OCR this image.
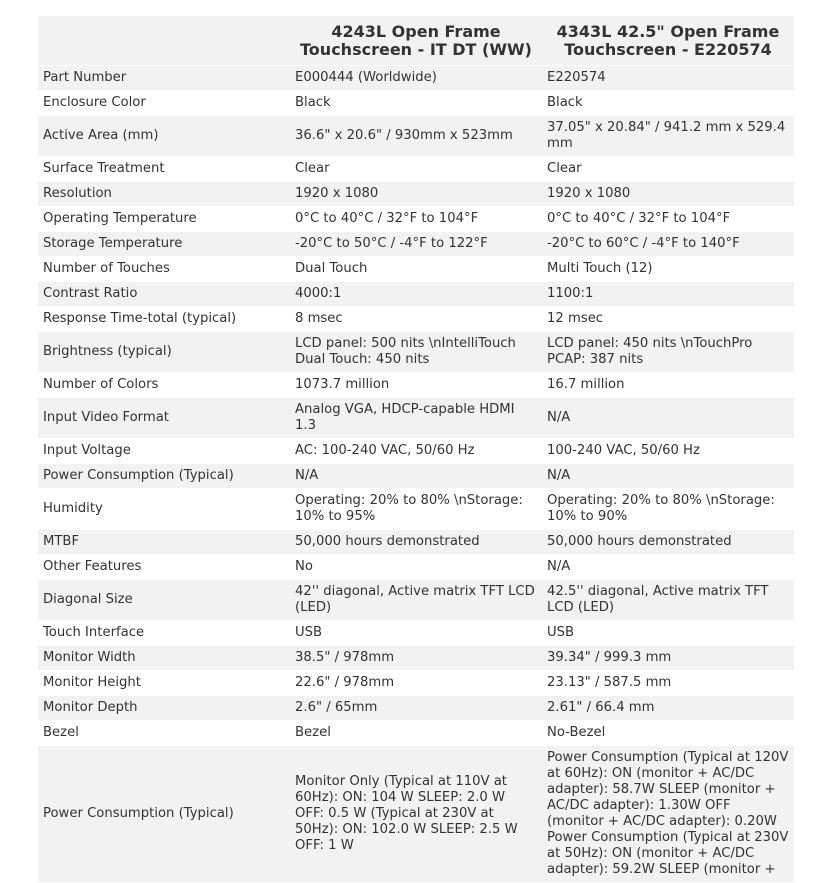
	4243L Open Frame Touchscreen - IT DT (WW)	4343L 42.5" Open Frame Touchscreen - E220574
Part Number	E000444 (Worldwide)	E220574
Enclosure Color	Black	Black
Active Area (mm)	36.6" x 20.6" / 930mm x 523mm	37.05" x 20.84" / 941.2 mm x 529.4 mm
Surface Treatment	Clear	Clear
Resolution	1920 x 1080	1920 x 1080
Operating Temperature	0°C to 40°C / 32°F to 104°F	0°C to 40°C / 32°F to 104°F
Storage Temperature	-20°C to 50°C / -4°F to 122°F	-20°C to 60°C / -4°F to 140°F
Number of Touches	Dual Touch	Multi Touch (12)
Contrast Ratio	4000:1	1100:1
Response Time-total (typical)	8 msec	12 msec
Brightness (typical)	LCD panel: 500 nits \nIntelliTouch Dual Touch: 450 nits	LCD panel: 450 nits \nTouchPro PCAP: 387 nits
Number of Colors	1073.7 million	16.7 million
Input Video Format	Analog VGA, HDCP-capable HDMI 1.3	N/A
Input Voltage	AC: 100-240 VAC, 50/60 Hz	100-240 VAC, 50/60 Hz
Power Consumption (Typical)	N/A	N/A
Humidity	Operating: 20% to 80% \nStorage: 10% to 95%	Operating: 20% to 80% \nStorage: 10% to 90%
MTBF	50,000 hours demonstrated	50,000 hours demonstrated
Other Features	No	N/A
Diagonal Size	42'' diagonal, Active matrix TFT LCD (LED)	42.5'' diagonal, Active matrix TFT LCD (LED)
Touch Interface	USB	USB
Monitor Width	38.5" / 978mm	39.34" / 999.3 mm
Monitor Height	22.6" / 978mm	23.13" / 587.5 mm
Monitor Depth	2.6" / 65mm	2.61" / 66.4 mm
Bezel	Bezel	No-Bezel
Power Consumption (Typical)	Monitor Only (Typical at 110V at 60Hz): ON: 104 W SLEEP: 2.0 W OFF: 0.5 W (Typical at 230V at 50Hz): ON: 102.0 W SLEEP: 2.5 W OFF: 1 W	Power Consumption (Typical at 120V at 60Hz): ON (monitor + AC/DC adapter): 58.7W SLEEP (monitor + AC/DC adapter): 1.30W OFF (monitor + AC/DC adapter): 0.20W Power Consumption (Typical at 230V at 50Hz): ON (monitor + AC/DC adapter): 59.2W SLEEP (monitor +
